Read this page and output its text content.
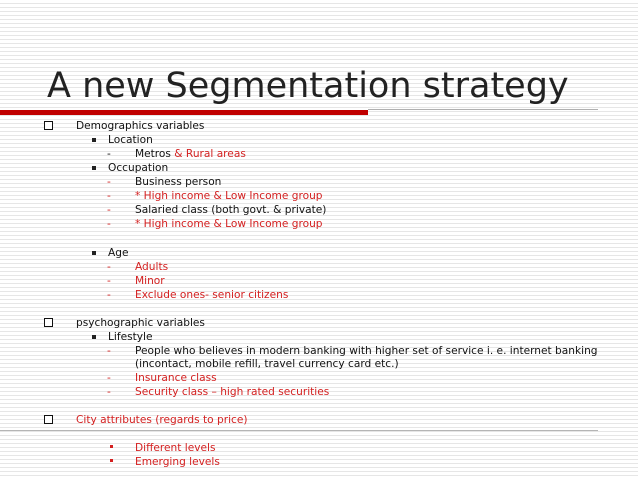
A new Segmentation strategy
Demographics variables
Location
- Metros & Rural areas
Occupation
- Business person
- * High income & Low Income group
- Salaried class (both govt. & private)
- * High income & Low Income group
Age
- Adults
- Minor
- Exclude ones- senior citizens
psychographic variables
Lifestyle
- People who believes in modern banking with higher set of service i. e. internet banking
(incontact, mobile refill, travel currency card etc.)
- Insurance class
- Security class – high rated securities
City attributes (regards to price)
Different levels
Emerging levels
